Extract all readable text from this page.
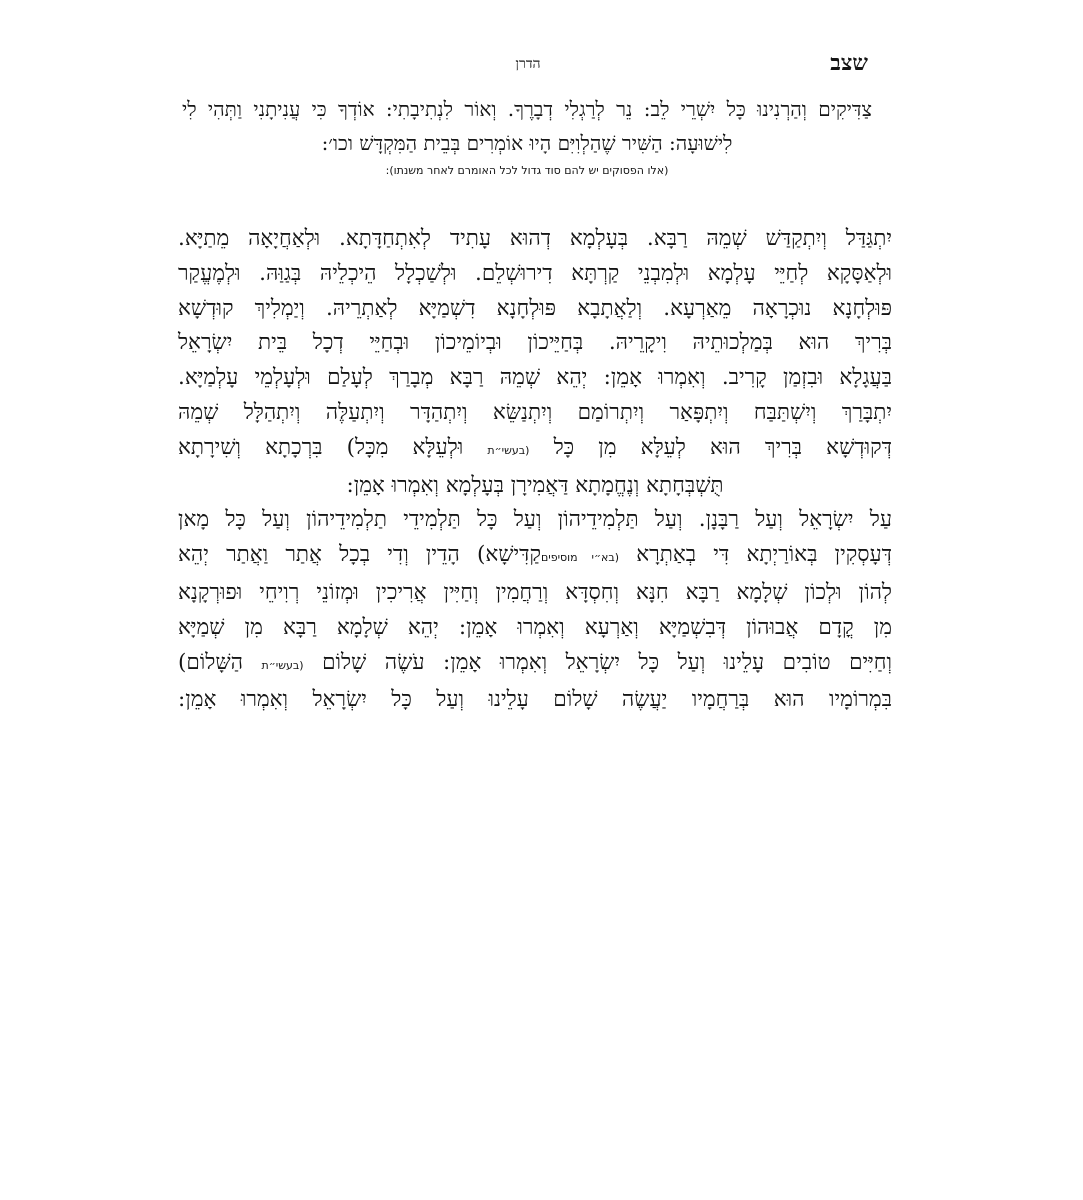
שצב
הדרן
צַדִּיקִים וְהַרְנִינוּ כָּל יִשְׁרֵי לֵב: נֵר לְרַגְלִי דְבָרֶךָ. וְאוֹר לִנְתִיבָתִי: אוֹדְךָ כִּי עֲנִיתָנִי וַתְּהִי לִי
לִישׁוּעָה: הַשִּׁיר שֶׁהַלְוִיִּם הָיוּ אוֹמְרִים בְּבֵית הַמִּקְדָּשׁ וכו׳:
(אלו הפסוקים יש להם סוד גדול לכל האומרם לאחר משנתו):
יִתְגַּדַּל וְיִתְקַדַּשׁ שְׁמֵהּ רַבָּא. בְּעָלְמָא דְהוּא עָתִיד לְאִתְחַדָּתָא. וּלְאַחֲיָאָה מֵתַיָּא.
וּלְאַסָּקָא לְחַיֵּי עָלְמָא וּלְמִבְנֵי קַרְתָּא דִירוּשְׁלֵם. וּלְשַׁכְלָל הֵיכְלֵיהּ בְּגַוַּהּ. וּלְמֶעֱקַר
פּוּלְחָנָא נוּכְרָאָה מֵאַרְעָא. וְלַאֲתָבָא פּוּלְחָנָא דִשְׁמַיָּא לְאַתְרֵיהּ. וְיַמְלִיךְ קוּדְשָׁא
בְּרִיךְ הוּא בְּמַלְכוּתֵיהּ וִיקָרֵיהּ. בְּחַיֵּיכוֹן וּבְיוֹמֵיכוֹן וּבְחַיֵּי דְכָל בֵּית יִשְׂרָאֵל
בַּעֲגָלָא וּבִזְמַן קָרִיב. וְאִמְרוּ אָמֵן: יְהֵא שְׁמֵהּ רַבָּא מְבָרַךְ לְעָלַם וּלְעָלְמֵי עָלְמַיָּא.
יִתְבָּרַךְ וְיִשְׁתַּבַּח וְיִתְפָּאַר וְיִתְרוֹמַם וְיִתְנַשֵּׂא וְיִתְהַדָּר וְיִתְעַלֶּה וְיִתְהַלָּל שְׁמֵהּ
דְּקוּדְשָׁא בְּרִיךְ הוּא לְעֵלָּא מִן כָּל (בעשי״ת וּלְעֵלָּא מִכָּל) בִּרְכָתָא וְשִׁירָתָא
תֻּשְׁבְּחָתָא וְנֶחֱמָתָא דַּאֲמִירָן בְּעָלְמָא וְאִמְרוּ אָמֵן:
עַל יִשְׂרָאֵל וְעַל רַבָּנָן. וְעַל תַּלְמִידֵיהוֹן וְעַל כָּל תַּלְמִידֵי תַלְמִידֵיהוֹן וְעַל כָּל מָאן
דְּעָסְקִין בְּאוֹרַיְתָא דִּי בְאַתְרָא (בא״י מוסיפיםקַדִּישָׁא) הָדֵין וְדִי בְכָל אֲתַר וַאֲתַר יְהֵא
לְהוֹן וּלְכוֹן שְׁלָמָא רַבָּא חִנָּא וְחִסְדָּא וְרַחֲמִין וְחַיִּין אֲרִיכִין וּמְזוֹנֵי רְוִיחֵי וּפוּרְקָנָא
מִן קֳדָם אֲבוּהוֹן דְּבִשְׁמַיָּא וְאַרְעָא וְאִמְרוּ אָמֵן: יְהֵא שְׁלָמָא רַבָּא מִן שְׁמַיָּא
וְחַיִּים טוֹבִים עָלֵינוּ וְעַל כָּל יִשְׂרָאֵל וְאִמְרוּ אָמֵן: עֹשֶׂה שָׁלוֹם (בעשי״ת הַשָּׁלוֹם)
בִּמְרוֹמָיו הוּא בְּרַחֲמָיו יַעֲשֶׂה שָׁלוֹם עָלֵינוּ וְעַל כָּל יִשְׂרָאֵל וְאִמְרוּ אָמֵן:
